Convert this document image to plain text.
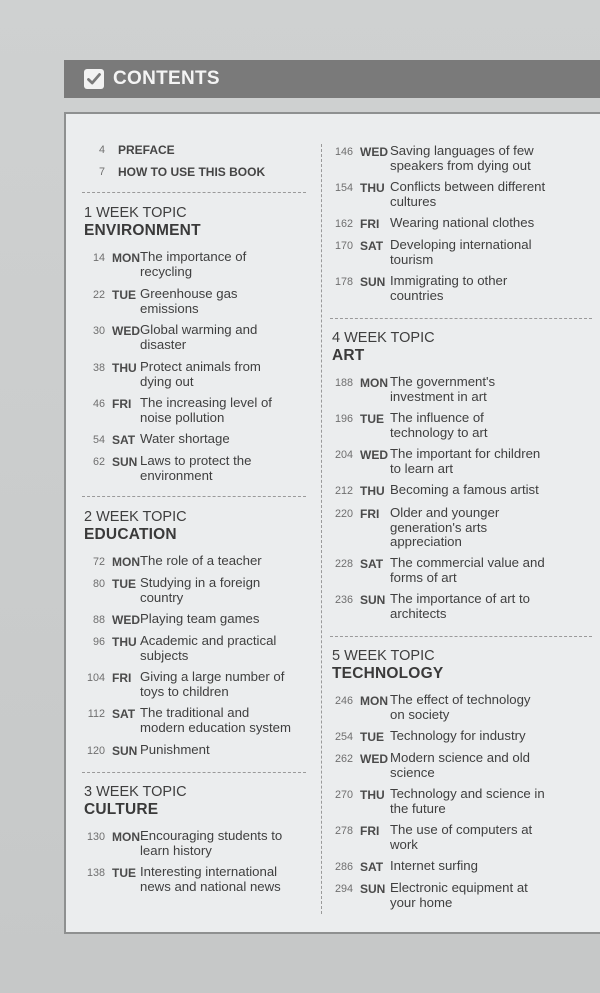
CONTENTS
4	PREFACE
7	HOW TO USE THIS BOOK
1 WEEK TOPIC
ENVIRONMENT
14 MON The importance of
recycling
22 TUE Greenhouse gas
emissions
30 WED Global warming and
disaster
38 THU Protect animals from
dying out
46 FRI The increasing level of
noise pollution
54 SAT Water shortage
62 SUN Laws to protect the
environment
2 WEEK TOPIC
EDUCATION
72 MON The role of a teacher
80 TUE Studying in a foreign
country
88 WED Playing team games
96 THU Academic and practical
subjects
104 FRI Giving a large number of
toys to children
112 SAT The traditional and
modern education system
120 SUN Punishment
3 WEEK TOPIC
CULTURE
130 MON Encouraging students to
learn history
138 TUE Interesting international
news and national news
146 WED Saving languages of few
speakers from dying out
154 THU Conflicts between different
cultures
162 FRI Wearing national clothes
170 SAT Developing international
tourism
178 SUN Immigrating to other
countries
4 WEEK TOPIC
ART
188 MON The government's
investment in art
196 TUE The influence of
technology to art
204 WED The important for children
to learn art
212 THU Becoming a famous artist
220 FRI Older and younger
generation's arts
appreciation
228 SAT The commercial value and
forms of art
236 SUN The importance of art to
architects
5 WEEK TOPIC
TECHNOLOGY
246 MON The effect of technology
on society
254 TUE Technology for industry
262 WED Modern science and old
science
270 THU Technology and science in
the future
278 FRI The use of computers at
work
286 SAT Internet surfing
294 SUN Electronic equipment at
your home
